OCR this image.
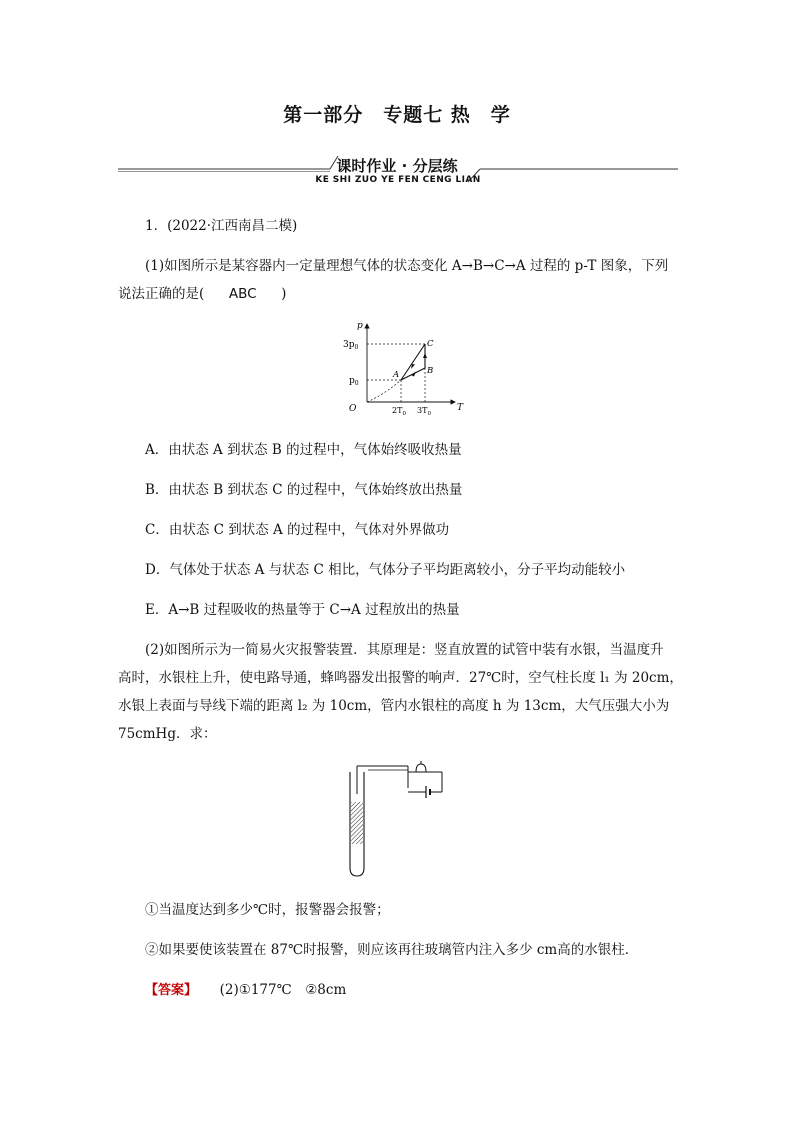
第一部分　专题七 热　学
课时作业 · 分层练
KE SHI ZUO YE FEN CENG LIAN
1．(2022·江西南昌二模)
(1)如图所示是某容器内一定量理想气体的状态变化 A→B→C→A 过程的 p-T 图象，下列
说法正确的是( ABC )
p
T
O
$3p_0$
$p_0$
$2T_0$ $3T_0$
A	B
C
A．由状态 A 到状态 B 的过程中，气体始终吸收热量
B．由状态 B 到状态 C 的过程中，气体始终放出热量
C．由状态 C 到状态 A 的过程中，气体对外界做功
D．气体处于状态 A 与状态 C 相比，气体分子平均距离较小，分子平均动能较小
E．A→B 过程吸收的热量等于 C→A 过程放出的热量
(2)如图所示为一简易火灾报警装置．其原理是：竖直放置的试管中装有水银，当温度升
高时，水银柱上升，使电路导通，蜂鸣器发出报警的响声．27℃时，空气柱长度 l₁ 为 20cm，
水银上表面与导线下端的距离 l₂ 为 10cm，管内水银柱的高度 h 为 13cm，大气压强大小为
75cmHg．求：
①当温度达到多少℃时，报警器会报警；
②如果要使该装置在 87℃时报警，则应该再往玻璃管内注入多少 cm高的水银柱．
【答案】 (2)①177℃　②8cm
